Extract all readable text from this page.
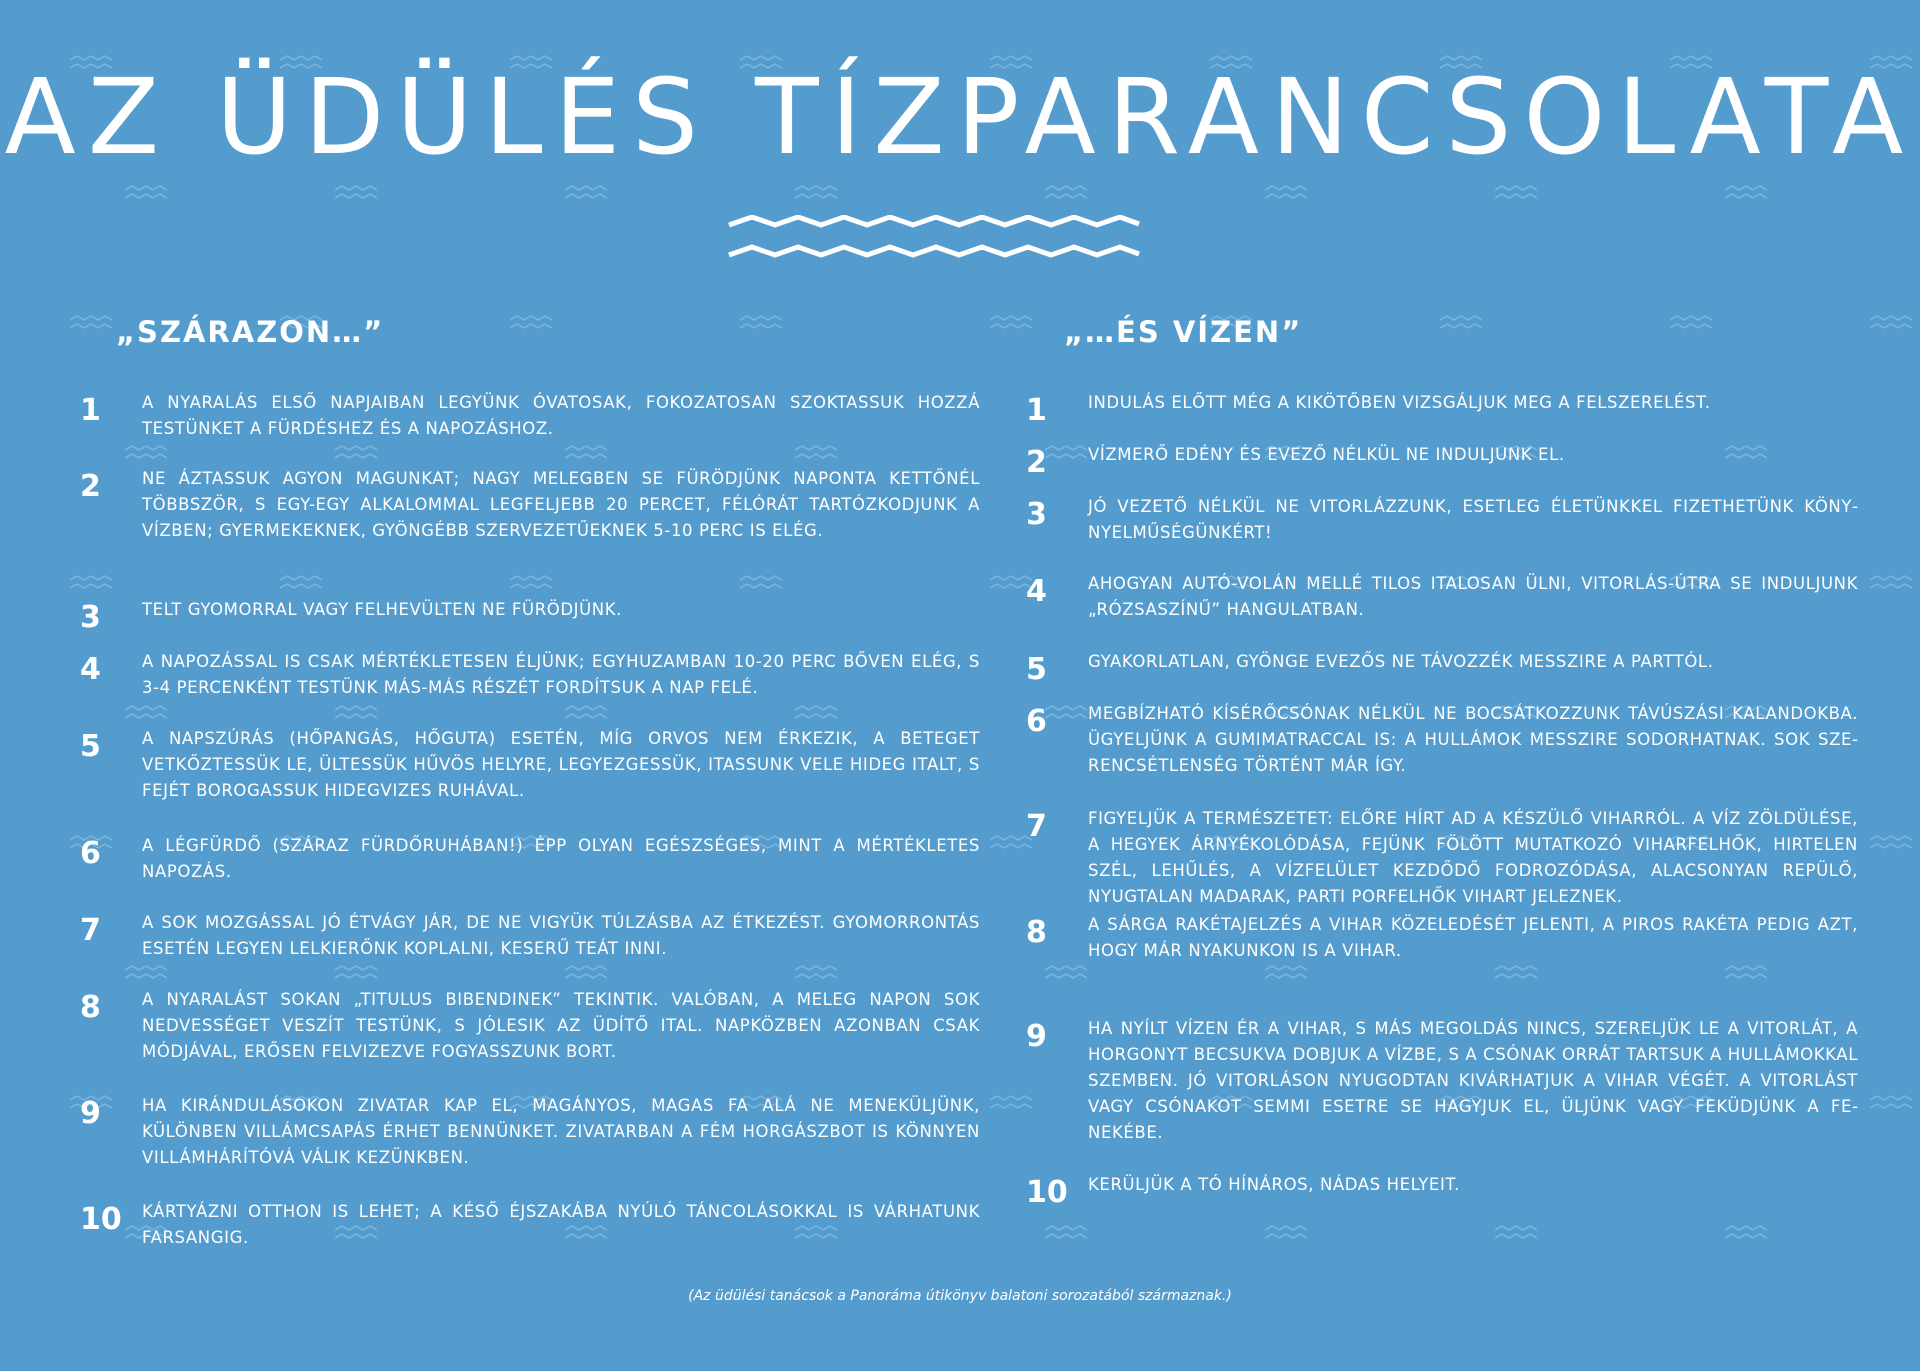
AZ ÜDÜLÉS TÍZPARANCSOLATA
„SZÁRAZON…”	„…ÉS VÍZEN”
1 A NYARALÁS ELSŐ NAPJAIBAN LEGYÜNK ÓVATOSAK, FOKOZATOSAN SZOKTASSUK HOZZÁ TESTÜNKET A FÜRDÉSHEZ ÉS A NAPOZÁSHOZ.

2 NE ÁZTASSUK AGYON MAGUNKAT; NAGY MELEGBEN SE FÜRÖDJÜNK NAPONTA KETTŐNÉL TÖBBSZÖR, S EGY-EGY ALKALOMMAL LEGFELJEBB 20 PERCET, FÉLÓRÁT TARTÓZKODJUNK A VÍZBEN; GYERMEKEKNEK, GYÖNGÉBB SZERVEZETŰEKNEK 5-10 PERC IS ELÉG.

3 TELT GYOMORRAL VAGY FELHEVÜLTEN NE FÜRÖDJÜNK.

4 A NAPOZÁSSAL IS CSAK MÉRTÉKLETESEN ÉLJÜNK; EGYHUZAMBAN 10-20 PERC BŐVEN ELÉG, S 3-4 PERCENKÉNT TESTÜNK MÁS-MÁS RÉSZÉT FORDÍTSUK A NAP FELÉ.

5 A NAPSZÚRÁS (HŐPANGÁS, HŐGUTA) ESETÉN, MÍG ORVOS NEM ÉRKEZIK, A BETEGET VETKŐZTESSÜK LE, ÜLTESSÜK HŰVÖS HELYRE, LEGYEZGESSÜK, ITASSUNK VELE HIDEG ITALT, S FEJÉT BOROGASSUK HIDEGVIZES RUHÁVAL.

6 A LÉGFÜRDŐ (SZÁRAZ FÜRDŐRUHÁBAN!) ÉPP OLYAN EGÉSZSÉGES, MINT A MÉRTÉKLETES NAPOZÁS.

7 A SOK MOZGÁSSAL JÓ ÉTVÁGY JÁR, DE NE VIGYÜK TÚLZÁSBA AZ ÉTKEZÉST. GYOMORRONTÁS ESETÉN LEGYEN LELKIERŐNK KOPLALNI, KESERŰ TEÁT INNI.

8 A NYARALÁST SOKAN „TITULUS BIBENDINEK” TEKINTIK. VALÓBAN, A MELEG NAPON SOK NEDVESSÉGET VESZÍT TESTÜNK, S JÓLESIK AZ ÜDÍTŐ ITAL. NAPKÖZBEN AZONBAN CSAK MÓDJÁVAL, ERŐSEN FELVIZEZVE FOGYASSZUNK BORT.

9 HA KIRÁNDULÁSOKON ZIVATAR KAP EL, MAGÁNYOS, MAGAS FA ALÁ NE MENEKÜLJÜNK, KÜLÖNBEN VILLÁMCSAPÁS ÉRHET BENNÜNKET. ZIVATARBAN A FÉM HORGÁSZBOT IS KÖNNYEN VILLÁMHÁRÍTÓVÁ VÁLIK KEZÜNKBEN.

10 KÁRTYÁZNI OTTHON IS LEHET; A KÉSŐ ÉJSZAKÁBA NYÚLÓ TÁNCOLÁSOKKAL IS VÁRHATUNK FARSANGIG.

1 INDULÁS ELŐTT MÉG A KIKÖTŐBEN VIZSGÁLJUK MEG A FELSZERELÉST.

2 VÍZMERŐ EDÉNY ÉS EVEZŐ NÉLKÜL NE INDULJUNK EL.

3 JÓ VEZETŐ NÉLKÜL NE VITORLÁZZUNK, ESETLEG ÉLETÜNKKEL FIZETHETÜNK KÖNYNYELMŰSÉGÜNKÉRT!

4 AHOGYAN AUTÓ-VOLÁN MELLÉ TILOS ITALOSAN ÜLNI, VITORLÁS-ÚTRA SE INDULJUNK „RÓZSASZÍNŰ” HANGULATBAN.

5 GYAKORLATLAN, GYÖNGE EVEZŐS NE TÁVOZZÉK MESSZIRE A PARTTÓL.

6 MEGBÍZHATÓ KÍSÉRŐCSÓNAK NÉLKÜL NE BOCSÁTKOZZUNK TÁVÚSZÁSI KALANDOKBA. ÜGYELJÜNK A GUMIMATRACCAL IS: A HULLÁMOK MESSZIRE SODORHATNAK. SOK SZERENCSÉTLENSÉG TÖRTÉNT MÁR ÍGY.

7 FIGYELJÜK A TERMÉSZETET: ELŐRE HÍRT AD A KÉSZÜLŐ VIHARRÓL. A VÍZ ZÖLDÜLÉSE, A HEGYEK ÁRNYÉKOLÓDÁSA, FEJÜNK FÖLÖTT MUTATKOZÓ VIHARFELHŐK, HIRTELEN SZÉL, LEHŰLÉS, A VÍZFELÜLET KEZDŐDŐ FODROZÓDÁSA, ALACSONYAN REPÜLŐ, NYUGTALAN MADARAK, PARTI PORFELHŐK VIHART JELEZNEK.

8 A SÁRGA RAKÉTAJELZÉS A VIHAR KÖZELEDÉSÉT JELENTI, A PIROS RAKÉTA PEDIG AZT, HOGY MÁR NYAKUNKON IS A VIHAR.

9 HA NYÍLT VÍZEN ÉR A VIHAR, S MÁS MEGOLDÁS NINCS, SZERELJÜK LE A VITORLÁT, A HORGONYT BECSUKVA DOBJUK A VÍZBE, S A CSÓNAK ORRÁT TARTSUK A HULLÁMOKKAL SZEMBEN. JÓ VITORLÁSON NYUGODTAN KIVÁRHATJUK A VIHAR VÉGÉT. A VITORLÁST VAGY CSÓNAKOT SEMMI ESETRE SE HAGYJUK EL, ÜLJÜNK VAGY FEKÜDJÜNK A FENEKÉBE.

10 KERÜLJÜK A TÓ HÍNÁROS, NÁDAS HELYEIT.

(Az üdülési tanácsok a Panoráma útikönyv balatoni sorozatából származnak.)
